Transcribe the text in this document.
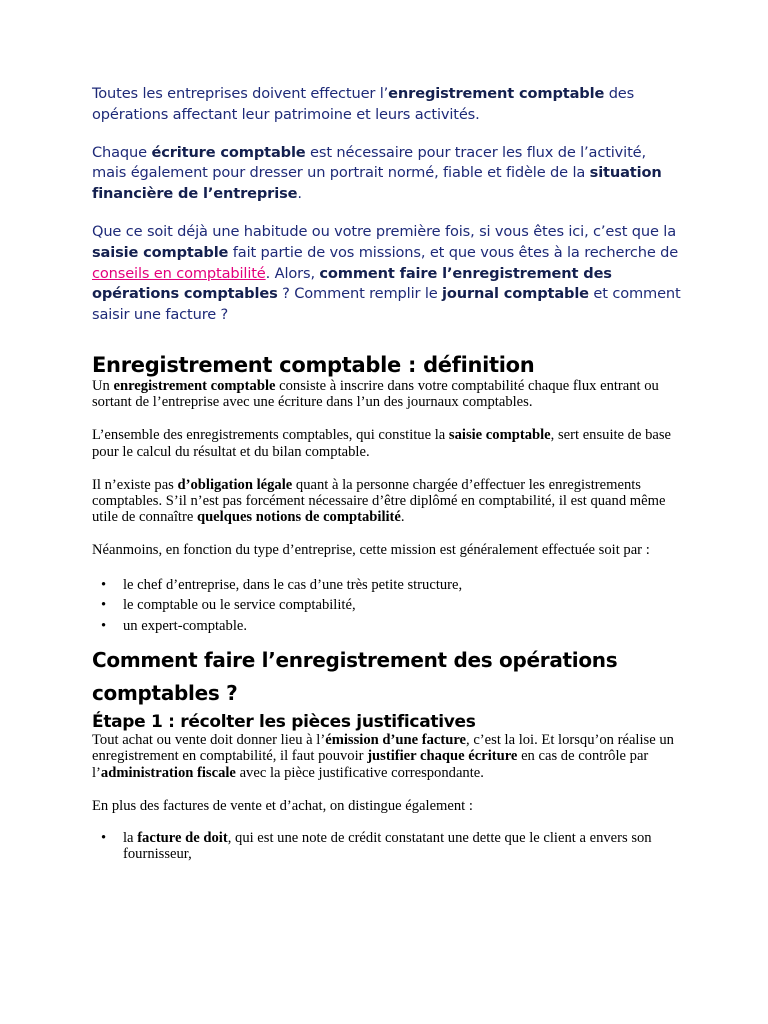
Toutes les entreprises doivent effectuer l’enregistrement comptable des opérations affectant leur patrimoine et leurs activités.

Chaque écriture comptable est nécessaire pour tracer les flux de l’activité, mais également pour dresser un portrait normé, fiable et fidèle de la situation financière de l’entreprise.

Que ce soit déjà une habitude ou votre première fois, si vous êtes ici, c’est que la saisie comptable fait partie de vos missions, et que vous êtes à la recherche de conseils en comptabilité. Alors, comment faire l’enregistrement des opérations comptables ? Comment remplir le journal comptable et comment saisir une facture ?

Enregistrement comptable : définition

Un enregistrement comptable consiste à inscrire dans votre comptabilité chaque flux entrant ou sortant de l’entreprise avec une écriture dans l’un des journaux comptables.

L’ensemble des enregistrements comptables, qui constitue la saisie comptable, sert ensuite de base pour le calcul du résultat et du bilan comptable.

Il n’existe pas d’obligation légale quant à la personne chargée d’effectuer les enregistrements comptables. S’il n’est pas forcément nécessaire d’être diplômé en comptabilité, il est quand même utile de connaître quelques notions de comptabilité.

Néanmoins, en fonction du type d’entreprise, cette mission est généralement effectuée soit par :

• le chef d’entreprise, dans le cas d’une très petite structure,
• le comptable ou le service comptabilité,
• un expert-comptable.
Comment faire l’enregistrement des opérations comptables ?
Étape 1 : récolter les pièces justificatives

Tout achat ou vente doit donner lieu à l’émission d’une facture, c’est la loi. Et lorsqu’on réalise un enregistrement en comptabilité, il faut pouvoir justifier chaque écriture en cas de contrôle par l’administration fiscale avec la pièce justificative correspondante.

En plus des factures de vente et d’achat, on distingue également :

• la facture de doit, qui est une note de crédit constatant une dette que le client a envers son fournisseur,
